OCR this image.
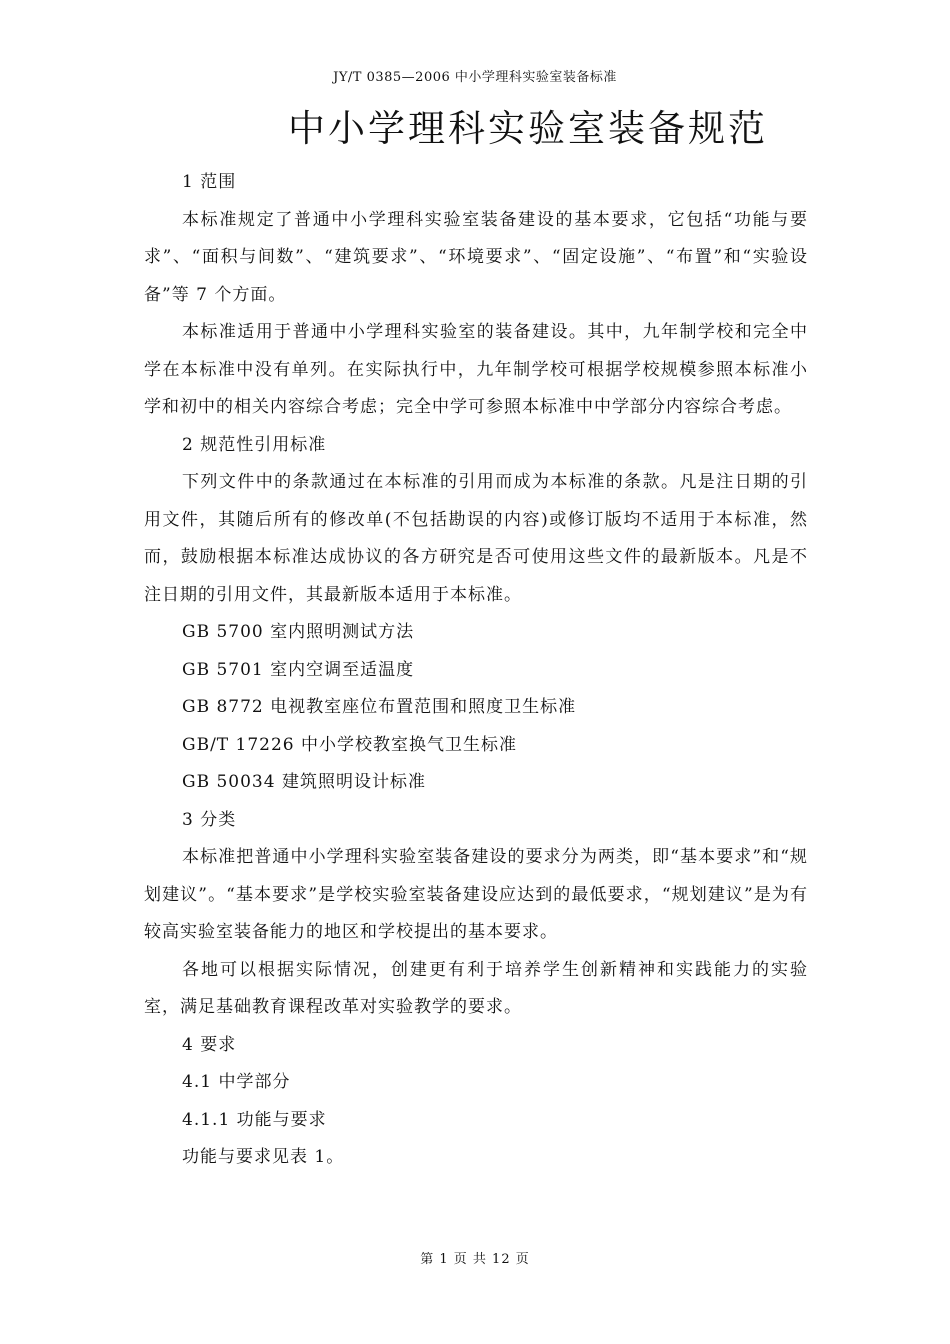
JY/T 0385—2006 中小学理科实验室装备标准
中小学理科实验室装备规范

1 范围

本标准规定了普通中小学理科实验室装备建设的基本要求，它包括“功能与要求”、“面积与间数”、“建筑要求”、“环境要求”、“固定设施”、“布置”和“实验设备”等 7 个方面。

本标准适用于普通中小学理科实验室的装备建设。其中，九年制学校和完全中学在本标准中没有单列。在实际执行中，九年制学校可根据学校规模参照本标准小学和初中的相关内容综合考虑；完全中学可参照本标准中中学部分内容综合考虑。

2 规范性引用标准

下列文件中的条款通过在本标准的引用而成为本标准的条款。凡是注日期的引用文件，其随后所有的修改单(不包括勘误的内容)或修订版均不适用于本标准，然而，鼓励根据本标准达成协议的各方研究是否可使用这些文件的最新版本。凡是不注日期的引用文件，其最新版本适用于本标准。

GB 5700 室内照明测试方法

GB 5701 室内空调至适温度

GB 8772 电视教室座位布置范围和照度卫生标准

GB/T 17226 中小学校教室换气卫生标准

GB 50034 建筑照明设计标准

3 分类

本标准把普通中小学理科实验室装备建设的要求分为两类，即“基本要求”和“规划建议”。“基本要求”是学校实验室装备建设应达到的最低要求，“规划建议”是为有较高实验室装备能力的地区和学校提出的基本要求。

各地可以根据实际情况，创建更有利于培养学生创新精神和实践能力的实验室，满足基础教育课程改革对实验教学的要求。

4 要求

4.1 中学部分

4.1.1 功能与要求

功能与要求见表 1。

第 1 页 共 12 页
